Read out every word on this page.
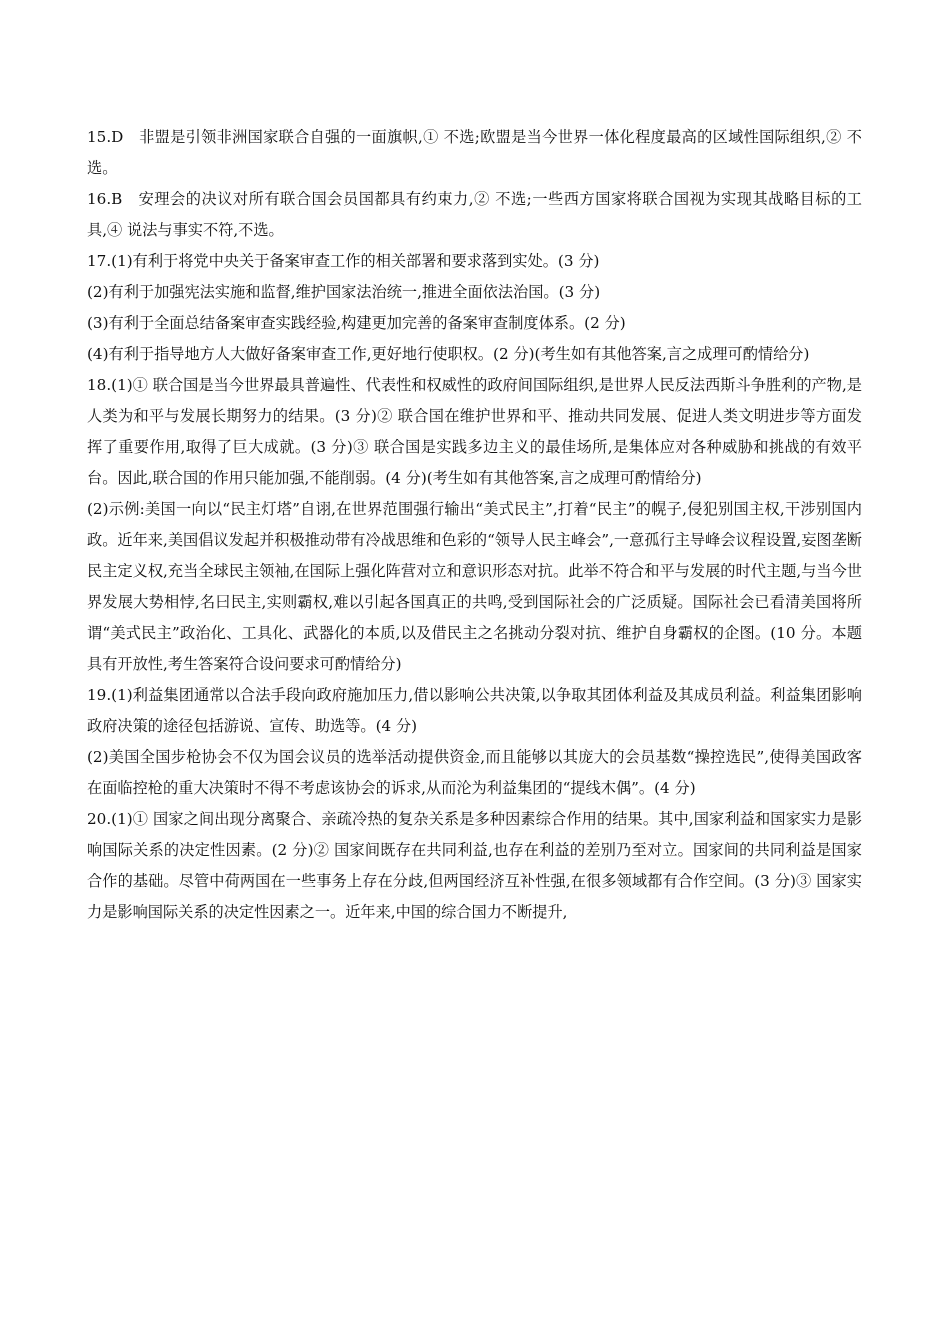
15.D　非盟是引领非洲国家联合自强的一面旗帜,① 不选;欧盟是当今世界一体化程度最高的区域性国际组织,② 不选。

16.B　安理会的决议对所有联合国会员国都具有约束力,② 不选;一些西方国家将联合国视为实现其战略目标的工具,④ 说法与事实不符,不选。

17.(1)有利于将党中央关于备案审查工作的相关部署和要求落到实处。(3 分)

(2)有利于加强宪法实施和监督,维护国家法治统一,推进全面依法治国。(3 分)

(3)有利于全面总结备案审查实践经验,构建更加完善的备案审查制度体系。(2 分)

(4)有利于指导地方人大做好备案审查工作,更好地行使职权。(2 分)(考生如有其他答案,言之成理可酌情给分)

18.(1)① 联合国是当今世界最具普遍性、代表性和权威性的政府间国际组织,是世界人民反法西斯斗争胜利的产物,是人类为和平与发展长期努力的结果。(3 分)② 联合国在维护世界和平、推动共同发展、促进人类文明进步等方面发挥了重要作用,取得了巨大成就。(3 分)③ 联合国是实践多边主义的最佳场所,是集体应对各种威胁和挑战的有效平台。因此,联合国的作用只能加强,不能削弱。(4 分)(考生如有其他答案,言之成理可酌情给分)

(2)示例:美国一向以“民主灯塔”自诩,在世界范围强行输出“美式民主”,打着“民主”的幌子,侵犯别国主权,干涉别国内政。近年来,美国倡议发起并积极推动带有冷战思维和色彩的“领导人民主峰会”,一意孤行主导峰会议程设置,妄图垄断民主定义权,充当全球民主领袖,在国际上强化阵营对立和意识形态对抗。此举不符合和平与发展的时代主题,与当今世界发展大势相悖,名曰民主,实则霸权,难以引起各国真正的共鸣,受到国际社会的广泛质疑。国际社会已看清美国将所谓“美式民主”政治化、工具化、武器化的本质,以及借民主之名挑动分裂对抗、维护自身霸权的企图。(10 分。本题具有开放性,考生答案符合设问要求可酌情给分)

19.(1)利益集团通常以合法手段向政府施加压力,借以影响公共决策,以争取其团体利益及其成员利益。利益集团影响政府决策的途径包括游说、宣传、助选等。(4 分)

(2)美国全国步枪协会不仅为国会议员的选举活动提供资金,而且能够以其庞大的会员基数“操控选民”,使得美国政客在面临控枪的重大决策时不得不考虑该协会的诉求,从而沦为利益集团的“提线木偶”。(4 分)

20.(1)① 国家之间出现分离聚合、亲疏冷热的复杂关系是多种因素综合作用的结果。其中,国家利益和国家实力是影响国际关系的决定性因素。(2 分)② 国家间既存在共同利益,也存在利益的差别乃至对立。国家间的共同利益是国家合作的基础。尽管中荷两国在一些事务上存在分歧,但两国经济互补性强,在很多领域都有合作空间。(3 分)③ 国家实力是影响国际关系的决定性因素之一。近年来,中国的综合国力不断提升,
